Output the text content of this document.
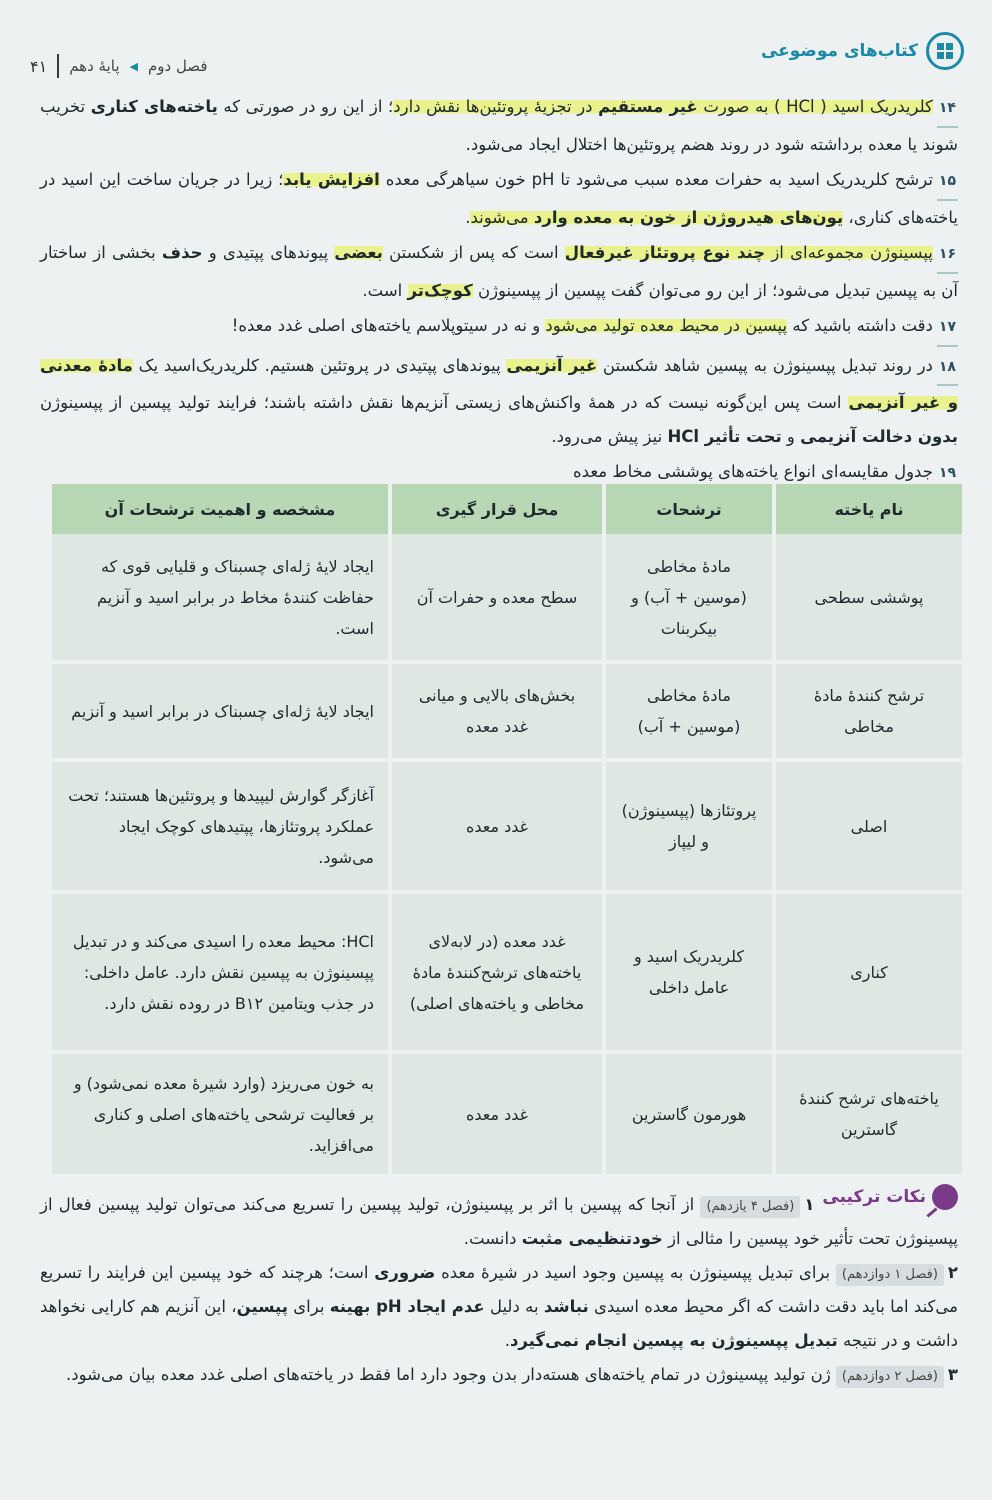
کتاب‌های موضوعی
فصل دوم
◀
پایهٔ دهم
۴۱

۱۴کلریدریک اسید ( HCl ) به صورت غیر مستقیم در تجزیهٔ پروتئین‌ها نقش دارد؛ از این رو در صورتی که یاخته‌های کناری تخریب شوند یا معده برداشته شود در روند هضم پروتئین‌ها اختلال ایجاد می‌شود.

۱۵ترشح کلریدریک اسید به حفرات معده سبب می‌شود تا pH خون سیاهرگی معده افزایش یابد؛ زیرا در جریان ساخت این اسید در یاخته‌های کناری، یون‌های هیدروژن از خون به معده وارد می‌شوند.

۱۶پپسینوژن مجموعه‌ای از چند نوع پروتئاز غیرفعال است که پس از شکستن بعضی پیوندهای پپتیدی و حذف بخشی از ساختار آن به پپسین تبدیل می‌شود؛ از این رو می‌توان گفت پپسین از پپسینوژن کوچک‌تر است.

۱۷دقت داشته باشید که پپسین در محیط معده تولید می‌شود و نه در سیتوپلاسم یاخته‌های اصلی غدد معده!

۱۸در روند تبدیل پپسینوژن به پپسین شاهد شکستن غیر آنزیمی پیوندهای پپتیدی در پروتئین هستیم. کلریدریک‌اسید یک مادهٔ معدنی و غیر آنزیمی است پس این‌گونه نیست که در همهٔ واکنش‌های زیستی آنزیم‌ها نقش داشته باشند؛ فرایند تولید پپسین از پپسینوژن بدون دخالت آنزیمی و تحت تأثیر HCl نیز پیش می‌رود.

۱۹جدول مقایسه‌ای انواع یاخته‌های پوششی مخاط معده

نام یاخته	ترشحات	محل قرار گیری	مشخصه و اهمیت ترشحات آن
پوششی سطحی	مادهٔ مخاطی (موسین + آب) و بیکربنات	سطح معده و حفرات آن	ایجاد لایهٔ ژله‌ای چسبناک و قلیایی قوی که حفاظت کنندهٔ مخاط در برابر اسید و آنزیم است.
ترشح کنندهٔ مادهٔ مخاطی	مادهٔ مخاطی (موسین + آب)	بخش‌های بالایی و میانی غدد معده	ایجاد لایهٔ ژله‌ای چسبناک در برابر اسید و آنزیم
اصلی	پروتئازها (پپسینوژن) و لیپاز	غدد معده	آغازگر گوارش لیپیدها و پروتئین‌ها هستند؛ تحت عملکرد پروتئازها، پپتیدهای کوچک ایجاد می‌شود.
کناری	کلریدریک اسید و عامل داخلی	غدد معده (در لابه‌لای یاخته‌های ترشح‌کنندهٔ مادهٔ مخاطی و یاخته‌های اصلی)	HCl: محیط معده را اسیدی می‌کند و در تبدیل پپسینوژن به پپسین نقش دارد. عامل داخلی: در جذب ویتامین B۱۲ در روده نقش دارد.
یاخته‌های ترشح کنندهٔ گاسترین	هورمون گاسترین	غدد معده	به خون می‌ریزد (وارد شیرهٔ معده نمی‌شود) و بر فعالیت ترشحی یاخته‌های اصلی و کناری می‌افزاید.

نکات ترکیبی
۱(فصل ۴ یازدهم) از آنجا که پپسین با اثر بر پپسینوژن، تولید پپسین را تسریع می‌کند می‌توان تولید پپسین فعال از پپسینوژن تحت تأثیر خود پپسین را مثالی از خودتنظیمی مثبت دانست.

۲(فصل ۱ دوازدهم) برای تبدیل پپسینوژن به پپسین وجود اسید در شیرهٔ معده ضروری است؛ هرچند که خود پپسین این فرایند را تسریع می‌کند اما باید دقت داشت که اگر محیط معده اسیدی نباشد به دلیل عدم ایجاد pH بهینه برای پپسین، این آنزیم هم کارایی نخواهد داشت و در نتیجه تبدیل پپسینوژن به پپسین انجام نمی‌گیرد.

۳(فصل ۲ دوازدهم) ژن تولید پپسینوژن در تمام یاخته‌های هسته‌دار بدن وجود دارد اما فقط در یاخته‌های اصلی غدد معده بیان می‌شود.
